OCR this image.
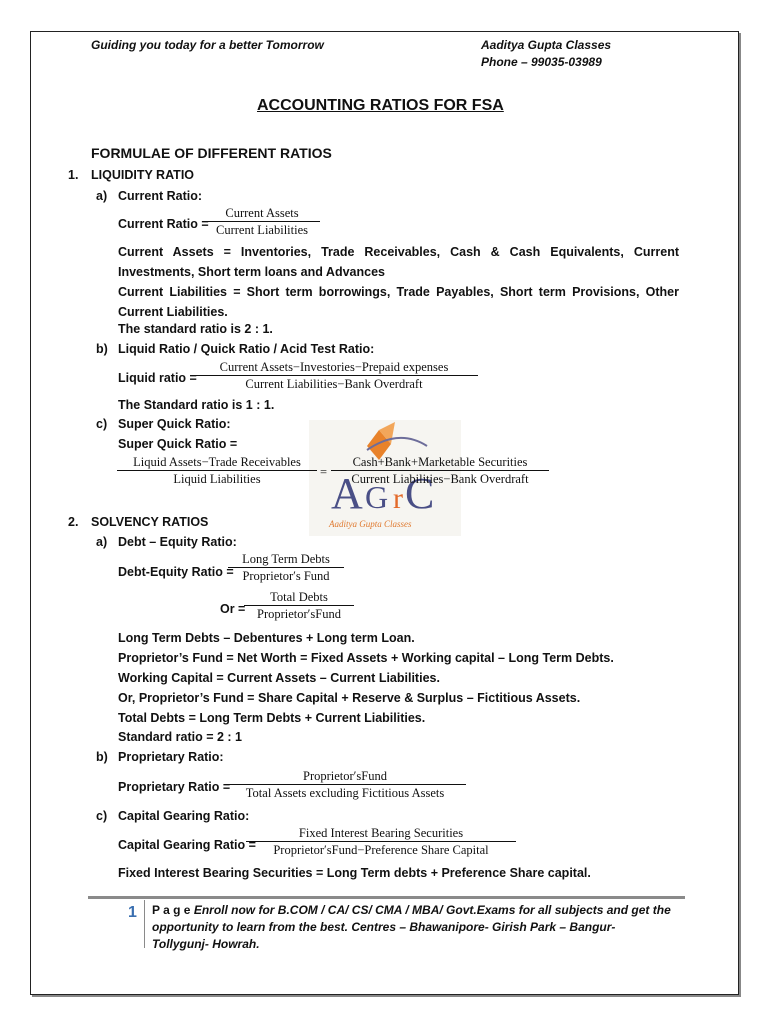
Guiding you today for a better Tomorrow	Aaditya Gupta Classes
Phone – 99035-03989
ACCOUNTING RATIOS FOR FSA
FORMULAE OF DIFFERENT RATIOS
1. LIQUIDITY RATIO
a) Current Ratio:
Current Ratio =
Current Assets
Current Liabilities
Current Assets = Inventories, Trade Receivables, Cash & Cash Equivalents, Current Investments, Short term loans and Advances
Current Liabilities = Short term borrowings, Trade Payables, Short term Provisions, Other Current Liabilities.
The standard ratio is 2 : 1.
b) Liquid Ratio / Quick Ratio / Acid Test Ratio:
Liquid ratio =
Current Assets−Investories−Prepaid expenses
Current Liabilities−Bank Overdraft
The Standard ratio is 1 : 1.
c) Super Quick Ratio:
Super Quick Ratio =
A G r C
Aaditya Gupta Classes
Liquid Assets−Trade Receivables
Liquid Liabilities	=
Cash+Bank+Marketable Securities
Current Liabilities−Bank Overdraft
2. SOLVENCY RATIOS
a) Debt – Equity Ratio:
Debt-Equity Ratio =
Long Term Debts
Proprietor′s Fund
Or =
Total Debts
Proprietor′sFund
Long Term Debts – Debentures + Long term Loan.
Proprietor’s Fund = Net Worth = Fixed Assets + Working capital – Long Term Debts.
Working Capital = Current Assets – Current Liabilities.
Or, Proprietor’s Fund = Share Capital + Reserve & Surplus – Fictitious Assets.
Total Debts = Long Term Debts + Current Liabilities.
Standard ratio = 2 : 1
b) Proprietary Ratio:
Proprietary Ratio =
Proprietor′sFund
Total Assets excluding Fictitious Assets
c) Capital Gearing Ratio:
Capital Gearing Ratio =
Fixed Interest Bearing Securities
Proprietor′sFund−Preference Share Capital
Fixed Interest Bearing Securities = Long Term debts + Preference Share capital.
1 P a g e Enroll now for B.COM / CA/ CS/ CMA / MBA/ Govt.Exams for all subjects and get the opportunity to learn from the best. Centres – Bhawanipore- Girish Park – Bangur- Tollygunj- Howrah.
